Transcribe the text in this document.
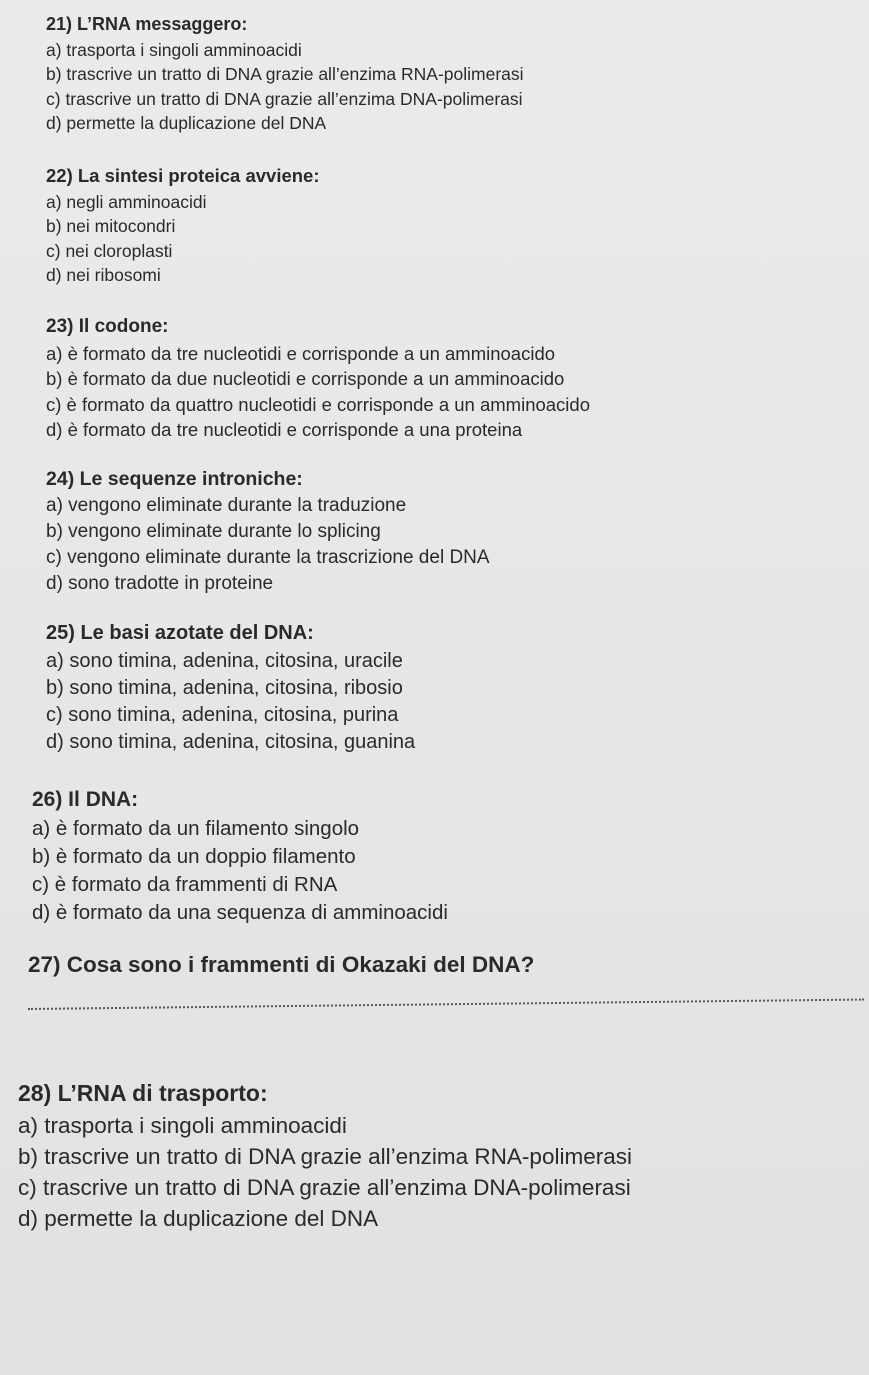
21) L’RNA messaggero:

a) trasporta i singoli amminoacidi

b) trascrive un tratto di DNA grazie all’enzima RNA-polimerasi

c) trascrive un tratto di DNA grazie all’enzima DNA-polimerasi

d) permette la duplicazione del DNA

22) La sintesi proteica avviene:

a) negli amminoacidi

b) nei mitocondri

c) nei cloroplasti

d) nei ribosomi

23) Il codone:

a) è formato da tre nucleotidi e corrisponde a un amminoacido

b) è formato da due nucleotidi e corrisponde a un amminoacido

c) è formato da quattro nucleotidi e corrisponde a un amminoacido

d) è formato da tre nucleotidi e corrisponde a una proteina

24) Le sequenze introniche:

a) vengono eliminate durante la traduzione

b) vengono eliminate durante lo splicing

c) vengono eliminate durante la trascrizione del DNA

d) sono tradotte in proteine

25) Le basi azotate del DNA:

a) sono timina, adenina, citosina, uracile

b) sono timina, adenina, citosina, ribosio

c) sono timina, adenina, citosina, purina

d) sono timina, adenina, citosina, guanina

26) Il DNA:

a) è formato da un filamento singolo

b) è formato da un doppio filamento

c) è formato da frammenti di RNA

d) è formato da una sequenza di amminoacidi

27) Cosa sono i frammenti di Okazaki del DNA?

28) L’RNA di trasporto:

a) trasporta i singoli amminoacidi

b) trascrive un tratto di DNA grazie all’enzima RNA-polimerasi

c) trascrive un tratto di DNA grazie all’enzima DNA-polimerasi

d) permette la duplicazione del DNA
